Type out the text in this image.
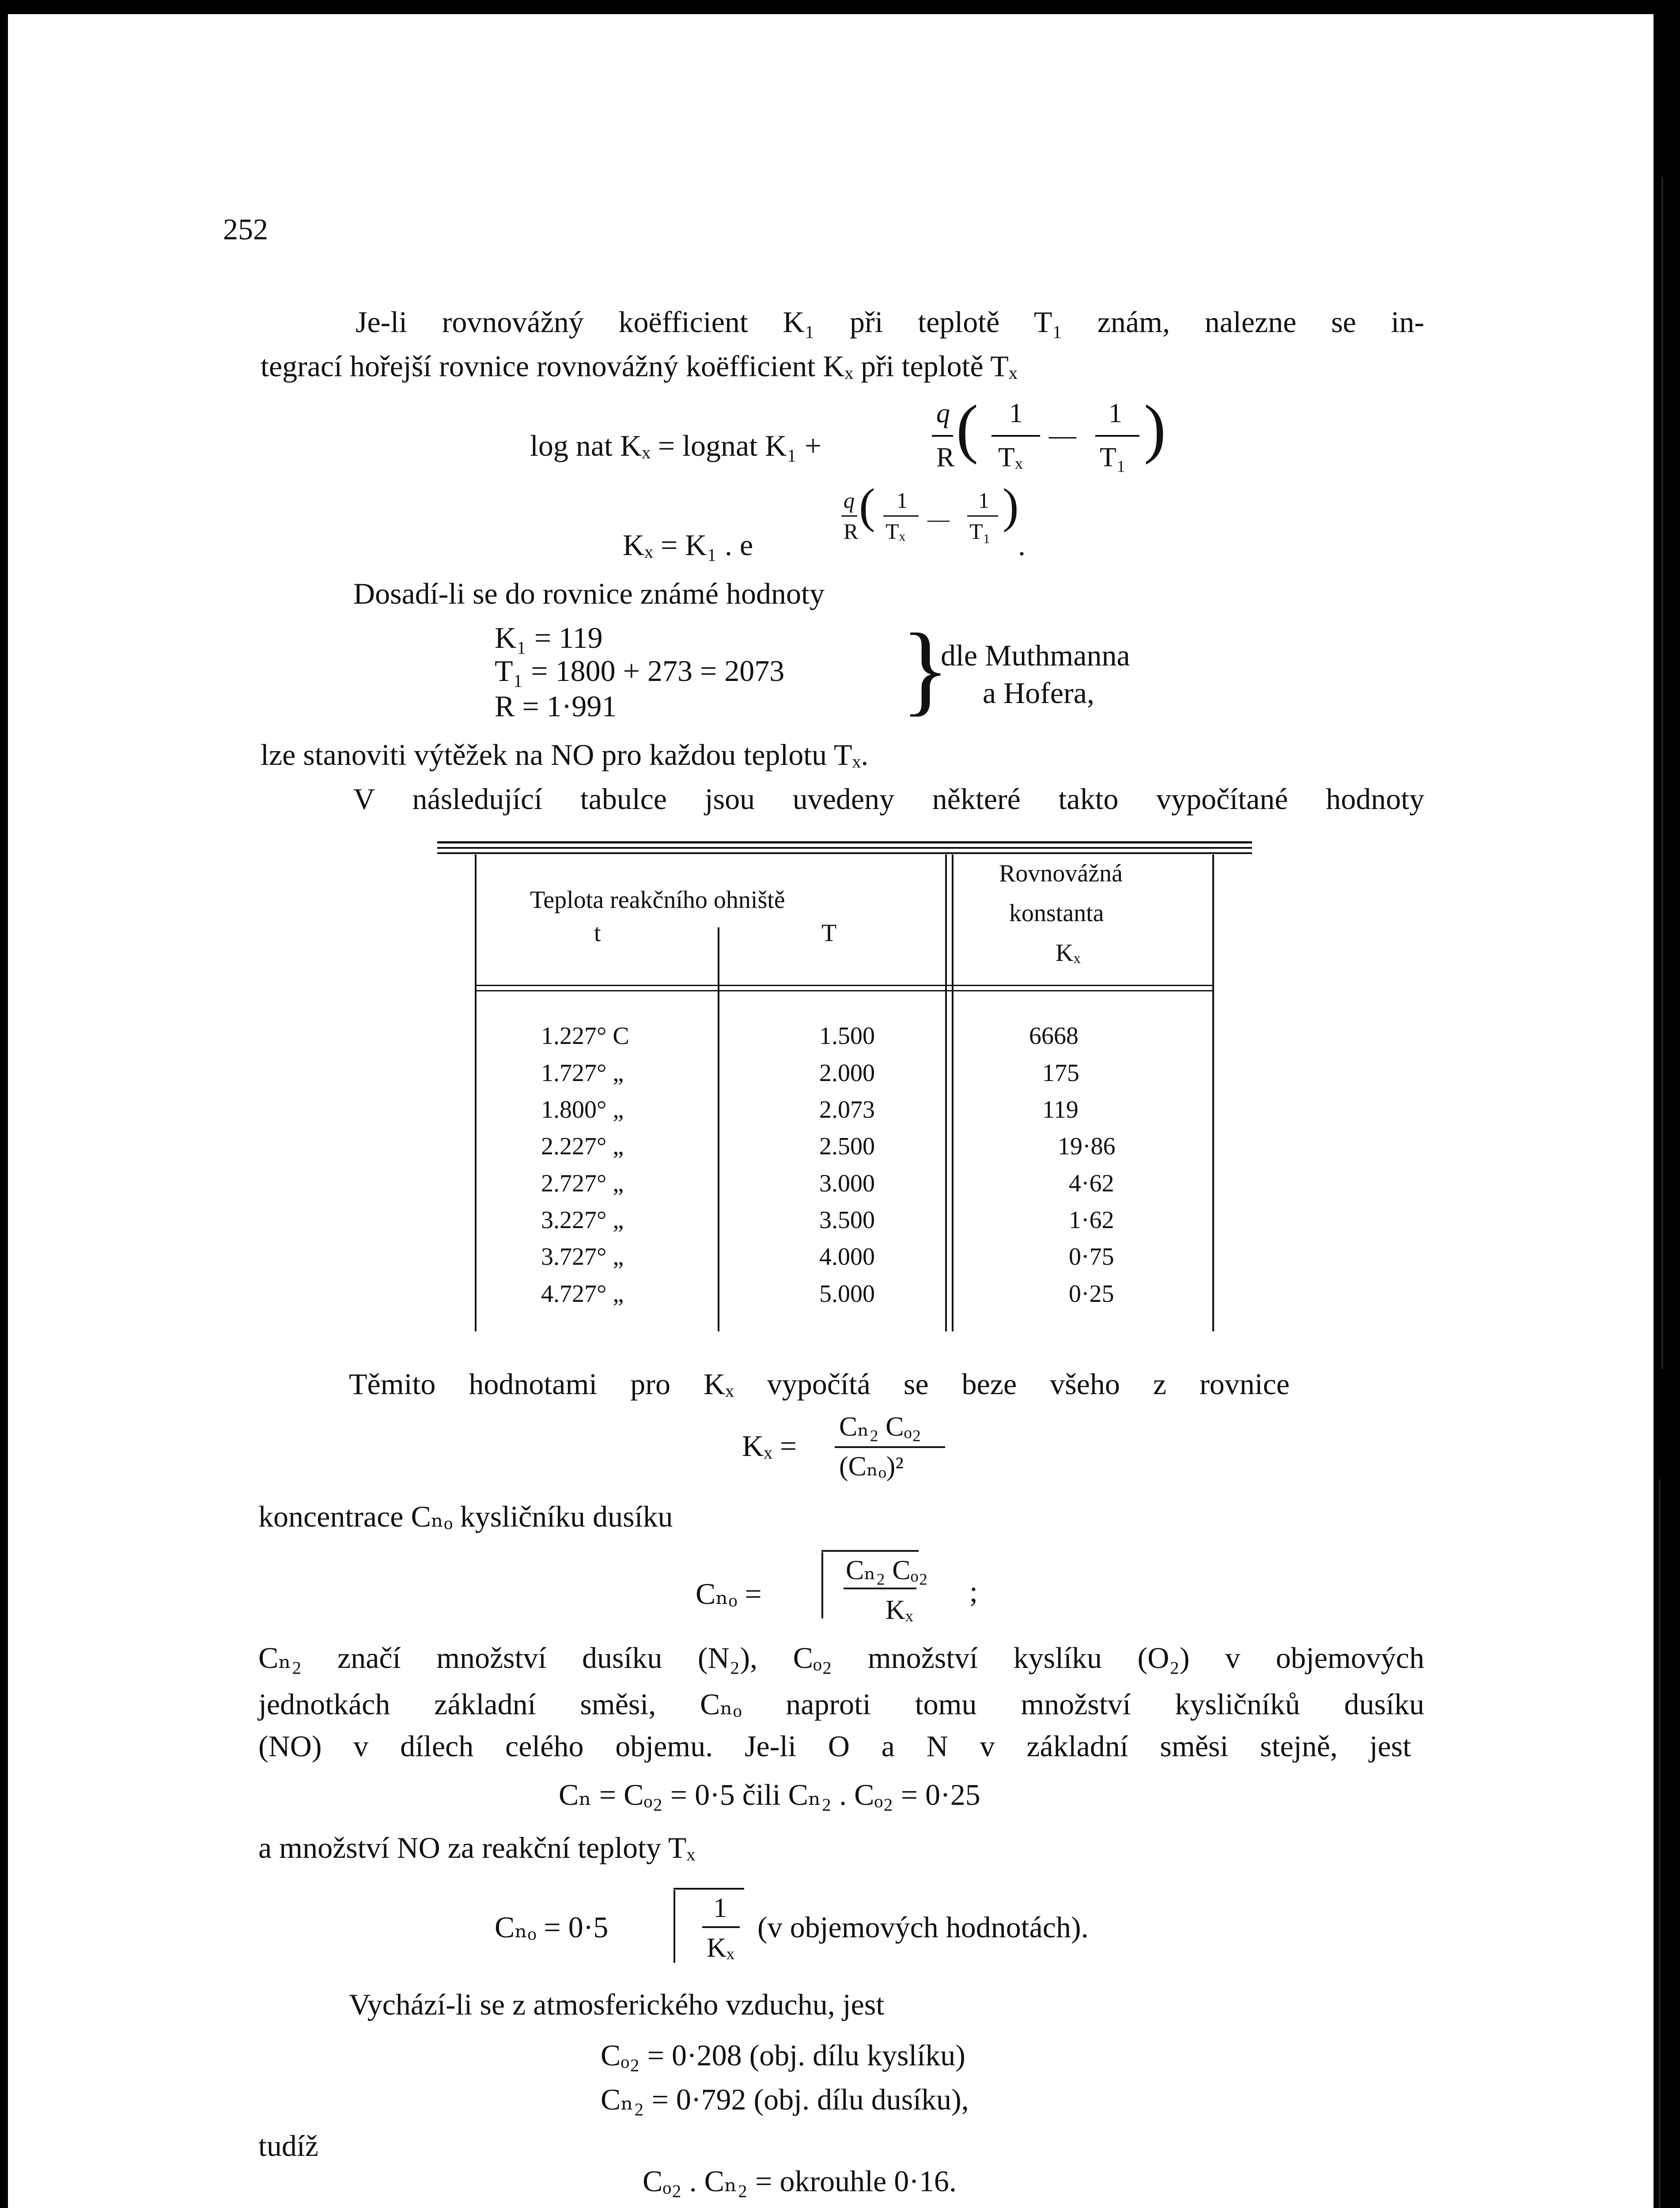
252
Je-li rovnovážný koëfficient K₁ při teplotě T₁ znám, nalezne se in-
tegrací hořejší rovnice rovnovážný koëfficient Kₓ při teplotě Tₓ
log nat Kₓ = lognat K₁ +
q
R ( 1
Tₓ
—
1
T₁ )
Kₓ = K₁ . e
q
R ( 1
Tₓ —
1
T₁ )
.
Dosadí-li se do rovnice známé hodnoty
K₁ = 119
T₁ = 1800 + 273 = 2073
R = 1·991	}
dle Muthmanna
a Hofera,
lze stanoviti výtěžek na NO pro každou teplotu Tₓ.
V následující tabulce jsou uvedeny některé takto vypočítané hodnoty
Teplota reakčního ohniště
t	T
Rovnovážná
konstanta
Kₓ
1.227° C	1.500	6668
1.727° „	2.000	175
1.800° „	2.073	119
2.227° „	2.500	19·86
2.727° „	3.000	4·62
3.227° „	3.500	1·62
3.727° „	4.000	0·75
4.727° „	5.000	0·25
Těmito hodnotami pro Kₓ vypočítá se beze všeho z rovnice
Kₓ =
Cₙ₂ Cₒ₂
(Cₙₒ)²
koncentrace Cₙₒ kysličníku dusíku
Cₙₒ =
Cₙ₂ Cₒ₂
Kₓ
;
Cₙ₂ značí množství dusíku (N₂), Cₒ₂ množství kyslíku (O₂) v objemových
jednotkách základní směsi, Cₙₒ naproti tomu množství kysličníků dusíku
(NO) v dílech celého objemu. Je-li O a N v základní směsi stejně, jest
Cₙ = Cₒ₂ = 0·5 čili Cₙ₂ . Cₒ₂ = 0·25
a množství NO za reakční teploty Tₓ
Cₙₒ = 0·5
1
Kₓ
(v objemových hodnotách).
Vychází-li se z atmosferického vzduchu, jest
Cₒ₂ = 0·208 (obj. dílu kyslíku)
Cₙ₂ = 0·792 (obj. dílu dusíku),
tudíž
Cₒ₂ . Cₙ₂ = okrouhle 0·16.
